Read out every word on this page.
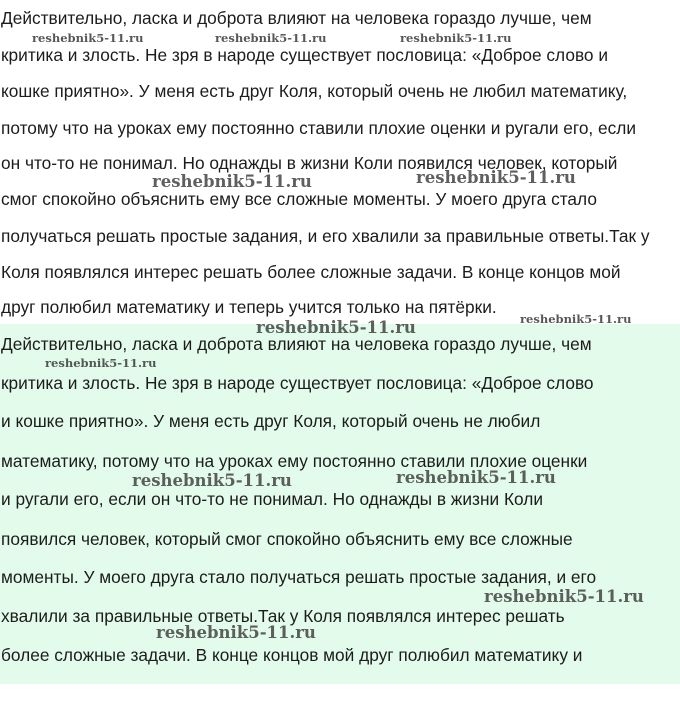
Действительно, ласка и доброта влияют на человека гораздо лучше, чем
критика и злость. Не зря в народе существует пословица: «Доброе слово и
кошке приятно». У меня есть друг Коля, который очень не любил математику,
потому что на уроках ему постоянно ставили плохие оценки и ругали его, если
он что-то не понимал. Но однажды в жизни Коли появился человек, который
смог спокойно объяснить ему все сложные моменты. У моего друга стало
получаться решать простые задания, и его хвалили за правильные ответы.Так у
Коля появлялся интерес решать более сложные задачи. В конце концов мой
друг полюбил математику и теперь учится только на пятёрки.
Действительно, ласка и доброта влияют на человека гораздо лучше, чем
критика и злость. Не зря в народе существует пословица: «Доброе слово
и кошке приятно». У меня есть друг Коля, который очень не любил
математику, потому что на уроках ему постоянно ставили плохие оценки
и ругали его, если он что-то не понимал. Но однажды в жизни Коли
появился человек, который смог спокойно объяснить ему все сложные
моменты. У моего друга стало получаться решать простые задания, и его
хвалили за правильные ответы.Так у Коля появлялся интерес решать
более сложные задачи. В конце концов мой друг полюбил математику и
reshebnik5-11.ru	reshebnik5-11.ru	reshebnik5-11.ru
reshebnik5-11.ru	reshebnik5-11.ru
reshebnik5-11.ru
reshebnik5-11.ru
reshebnik5-11.ru
reshebnik5-11.ru	reshebnik5-11.ru
reshebnik5-11.ru
reshebnik5-11.ru
